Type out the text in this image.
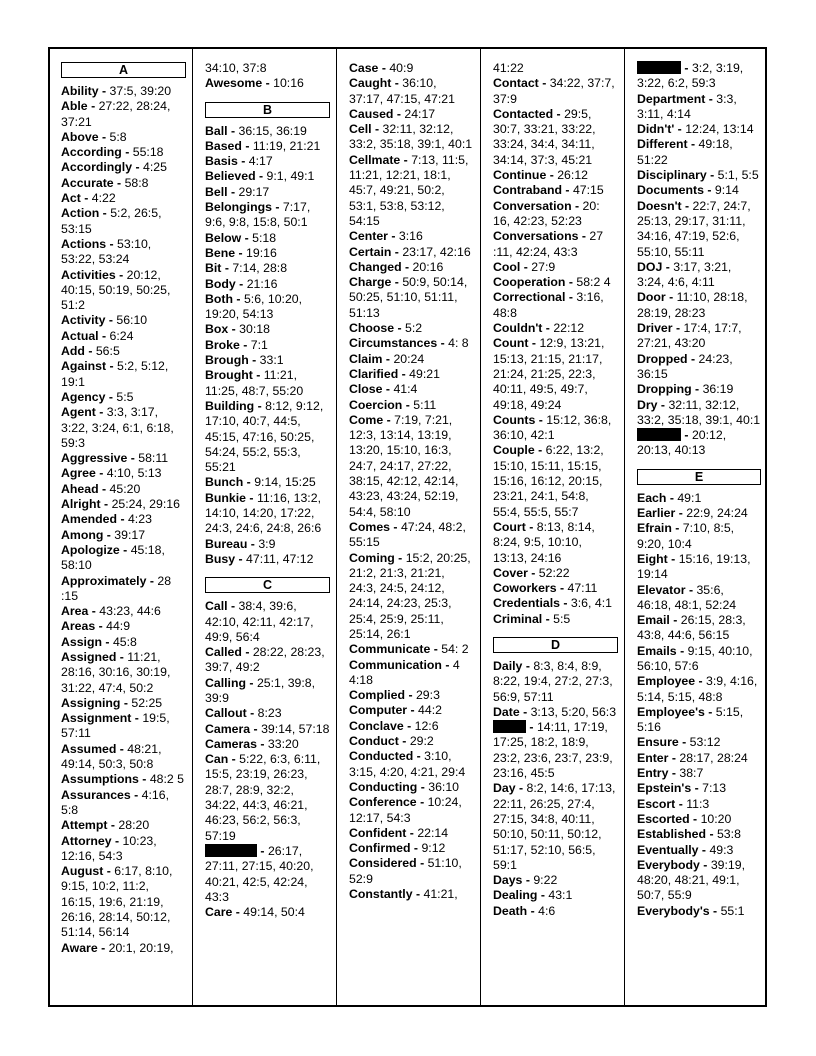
A

Ability - 37:5, 39:20

Able - 27:22, 28:24, 37:21

Above - 5:8

According - 55:18

Accordingly - 4:25

Accurate - 58:8

Act - 4:22

Action - 5:2, 26:5, 53:15

Actions - 53:10, 53:22, 53:24

Activities - 20:12, 40:15, 50:19, 50:25, 51:2

Activity - 56:10

Actual - 6:24

Add - 56:5

Against - 5:2, 5:12, 19:1

Agency - 5:5

Agent - 3:3, 3:17, 3:22, 3:24, 6:1, 6:18, 59:3

Aggressive - 58:11

Agree - 4:10, 5:13

Ahead - 45:20

Alright - 25:24, 29:16

Amended - 4:23

Among - 39:17

Apologize - 45:18, 58:10

Approximately - 28 :15

Area - 43:23, 44:6

Areas - 44:9

Assign - 45:8

Assigned - 11:21, 28:16, 30:16, 30:19, 31:22, 47:4, 50:2

Assigning - 52:25

Assignment - 19:5, 57:11

Assumed - 48:21, 49:14, 50:3, 50:8

Assumptions - 48:2 5

Assurances - 4:16, 5:8

Attempt - 28:20

Attorney - 10:23, 12:16, 54:3

August - 6:17, 8:10, 9:15, 10:2, 11:2, 16:15, 19:6, 21:19, 26:16, 28:14, 50:12, 51:14, 56:14

Aware - 20:1, 20:19,

34:10, 37:8

Awesome - 10:16

B

Ball - 36:15, 36:19

Based - 11:19, 21:21

Basis - 4:17

Believed - 9:1, 49:1

Bell - 29:17

Belongings - 7:17, 9:6, 9:8, 15:8, 50:1

Below - 5:18

Bene - 19:16

Bit - 7:14, 28:8

Body - 21:16

Both - 5:6, 10:20, 19:20, 54:13

Box - 30:18

Broke - 7:1

Brough - 33:1

Brought - 11:21, 11:25, 48:7, 55:20

Building - 8:12, 9:12, 17:10, 40:7, 44:5, 45:15, 47:16, 50:25, 54:24, 55:2, 55:3, 55:21

Bunch - 9:14, 15:25

Bunkie - 11:16, 13:2, 14:10, 14:20, 17:22, 24:3, 24:6, 24:8, 26:6

Bureau - 3:9

Busy - 47:11, 47:12

C

Call - 38:4, 39:6, 42:10, 42:11, 42:17, 49:9, 56:4

Called - 28:22, 28:23, 39:7, 49:2

Calling - 25:1, 39:8, 39:9

Callout - 8:23

Camera - 39:14, 57:18

Cameras - 33:20

Can - 5:22, 6:3, 6:11, 15:5, 23:19, 26:23, 28:7, 28:9, 32:2, 34:22, 44:3, 46:21, 46:23, 56:2, 56:3, 57:19

- 26:17, 27:11, 27:15, 40:20, 40:21, 42:5, 42:24, 43:3

Care - 49:14, 50:4

Case - 40:9

Caught - 36:10, 37:17, 47:15, 47:21

Caused - 24:17

Cell - 32:11, 32:12, 33:2, 35:18, 39:1, 40:1

Cellmate - 7:13, 11:5, 11:21, 12:21, 18:1, 45:7, 49:21, 50:2, 53:1, 53:8, 53:12, 54:15

Center - 3:16

Certain - 23:17, 42:16

Changed - 20:16

Charge - 50:9, 50:14, 50:25, 51:10, 51:11, 51:13

Choose - 5:2

Circumstances - 4: 8

Claim - 20:24

Clarified - 49:21

Close - 41:4

Coercion - 5:11

Come - 7:19, 7:21, 12:3, 13:14, 13:19, 13:20, 15:10, 16:3, 24:7, 24:17, 27:22, 38:15, 42:12, 42:14, 43:23, 43:24, 52:19, 54:4, 58:10

Comes - 47:24, 48:2, 55:15

Coming - 15:2, 20:25, 21:2, 21:3, 21:21, 24:3, 24:5, 24:12, 24:14, 24:23, 25:3, 25:4, 25:9, 25:11, 25:14, 26:1

Communicate - 54: 2

Communication - 4 4:18

Complied - 29:3

Computer - 44:2

Conclave - 12:6

Conduct - 29:2

Conducted - 3:10, 3:15, 4:20, 4:21, 29:4

Conducting - 36:10

Conference - 10:24, 12:17, 54:3

Confident - 22:14

Confirmed - 9:12

Considered - 51:10, 52:9

Constantly - 41:21,

41:22

Contact - 34:22, 37:7, 37:9

Contacted - 29:5, 30:7, 33:21, 33:22, 33:24, 34:4, 34:11, 34:14, 37:3, 45:21

Continue - 26:12

Contraband - 47:15

Conversation - 20: 16, 42:23, 52:23

Conversations - 27 :11, 42:24, 43:3

Cool - 27:9

Cooperation - 58:2 4

Correctional - 3:16, 48:8

Couldn't - 22:12

Count - 12:9, 13:21, 15:13, 21:15, 21:17, 21:24, 21:25, 22:3, 40:11, 49:5, 49:7, 49:18, 49:24

Counts - 15:12, 36:8, 36:10, 42:1

Couple - 6:22, 13:2, 15:10, 15:11, 15:15, 15:16, 16:12, 20:15, 23:21, 24:1, 54:8, 55:4, 55:5, 55:7

Court - 8:13, 8:14, 8:24, 9:5, 10:10, 13:13, 24:16

Cover - 52:22

Coworkers - 47:11

Credentials - 3:6, 4:1

Criminal - 5:5

D

Daily - 8:3, 8:4, 8:9, 8:22, 19:4, 27:2, 27:3, 56:9, 57:11

Date - 3:13, 5:20, 56:3

- 14:11, 17:19, 17:25, 18:2, 18:9, 23:2, 23:6, 23:7, 23:9, 23:16, 45:5

Day - 8:2, 14:6, 17:13, 22:11, 26:25, 27:4, 27:15, 34:8, 40:11, 50:10, 50:11, 50:12, 51:17, 52:10, 56:5, 59:1

Days - 9:22

Dealing - 43:1

Death - 4:6

- 3:2, 3:19, 3:22, 6:2, 59:3

Department - 3:3, 3:11, 4:14

Didn't' - 12:24, 13:14

Different - 49:18, 51:22

Disciplinary - 5:1, 5:5

Documents - 9:14

Doesn't - 22:7, 24:7, 25:13, 29:17, 31:11, 34:16, 47:19, 52:6, 55:10, 55:11

DOJ - 3:17, 3:21, 3:24, 4:6, 4:11

Door - 11:10, 28:18, 28:19, 28:23

Driver - 17:4, 17:7, 27:21, 43:20

Dropped - 24:23, 36:15

Dropping - 36:19

Dry - 32:11, 32:12, 33:2, 35:18, 39:1, 40:1

- 20:12, 20:13, 40:13

E

Each - 49:1

Earlier - 22:9, 24:24

Efrain - 7:10, 8:5, 9:20, 10:4

Eight - 15:16, 19:13, 19:14

Elevator - 35:6, 46:18, 48:1, 52:24

Email - 26:15, 28:3, 43:8, 44:6, 56:15

Emails - 9:15, 40:10, 56:10, 57:6

Employee - 3:9, 4:16, 5:14, 5:15, 48:8

Employee's - 5:15, 5:16

Ensure - 53:12

Enter - 28:17, 28:24

Entry - 38:7

Epstein's - 7:13

Escort - 11:3

Escorted - 10:20

Established - 53:8

Eventually - 49:3

Everybody - 39:19, 48:20, 48:21, 49:1, 50:7, 55:9

Everybody's - 55:1
